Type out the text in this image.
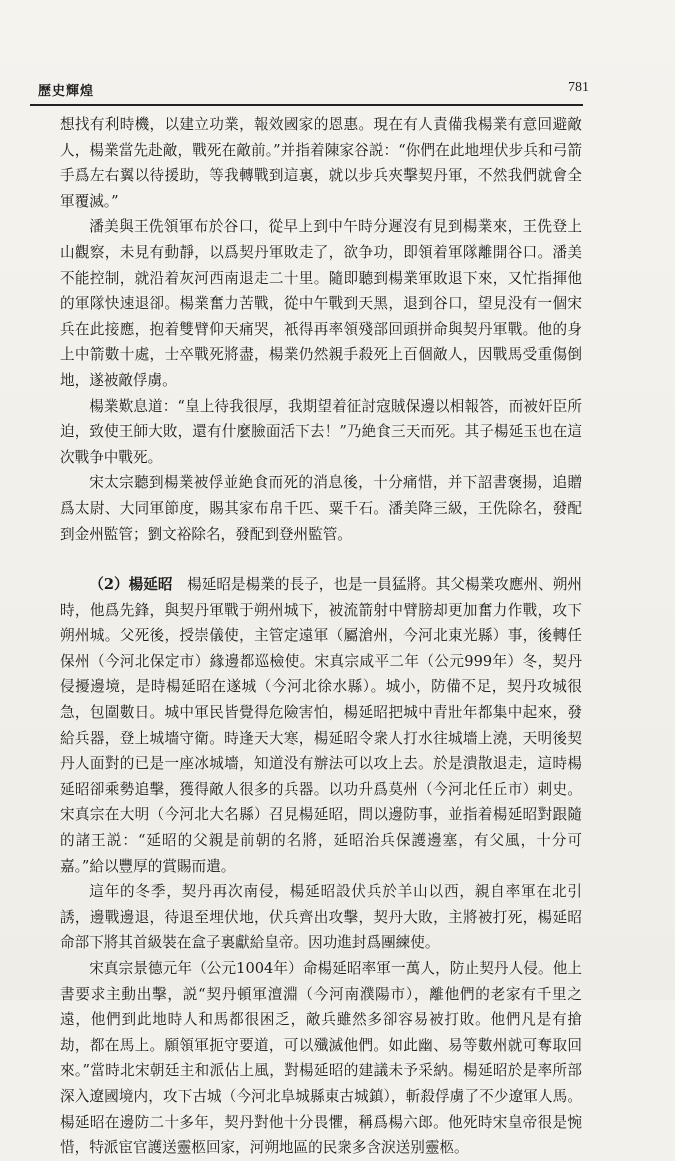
歷史輝煌	781

想找有利時機，以建立功業，報效國家的恩惠。現在有人責備我楊業有意回避敵人，楊業當先赴敵，戰死在敵前。”并指着陳家谷説：“你們在此地埋伏步兵和弓箭手爲左右翼以待援助，等我轉戰到這裏，就以步兵夾擊契丹軍，不然我們就會全軍覆滅。”

潘美與王侁領軍布於谷口，從早上到中午時分遲沒有見到楊業來，王侁登上山觀察，未見有動靜，以爲契丹軍敗走了，欲争功，即領着軍隊離開谷口。潘美不能控制，就沿着灰河西南退走二十里。隨即聽到楊業軍敗退下來，又忙指揮他的軍隊快速退卻。楊業奮力苦戰，從中午戰到天黑，退到谷口，望見没有一個宋兵在此接應，抱着雙臂仰天痛哭，衹得再率領殘部回頭拼命與契丹軍戰。他的身上中箭數十處，士卒戰死將盡，楊業仍然親手殺死上百個敵人，因戰馬受重傷倒地，遂被敵俘虜。

楊業歎息道：“皇上待我很厚，我期望着征討寇賊保邊以相報答，而被奸臣所迫，致使王師大敗，還有什麼臉面活下去！”乃絶食三天而死。其子楊延玉也在這次戰争中戰死。

宋太宗聽到楊業被俘並絶食而死的消息後，十分痛惜，并下詔書褒揚，追贈爲太尉、大同軍節度，賜其家布帛千匹、粟千石。潘美降三級，王侁除名，發配到金州監管；劉文裕除名，發配到登州監管。

（2）楊延昭　 楊延昭是楊業的長子，也是一員猛將。其父楊業攻應州、朔州時，他爲先鋒，與契丹軍戰于朔州城下，被流箭射中臂膀却更加奮力作戰，攻下朔州城。父死後，授崇儀使，主管定遠軍（屬滄州，今河北東光縣）事，後轉任保州（今河北保定市）緣邊都巡檢使。宋真宗咸平二年（公元999年）冬，契丹侵擾邊境，是時楊延昭在遂城（今河北徐水縣）。城小，防備不足，契丹攻城很急，包圍數日。城中軍民皆覺得危險害怕，楊延昭把城中青壯年都集中起來，發給兵器，登上城墻守衛。時逢天大寒，楊延昭令衆人打水往城墻上澆，天明後契丹人面對的已是一座冰城墻，知道没有辦法可以攻上去。於是潰散退走，這時楊延昭卻乘勢追擊，獲得敵人很多的兵器。以功升爲莫州（今河北任丘市）刺史。宋真宗在大明（今河北大名縣）召見楊延昭，問以邊防事，並指着楊延昭對跟隨的諸王説：“延昭的父親是前朝的名將，延昭治兵保護邊塞，有父風，十分可嘉。”給以豐厚的賞賜而遣。

這年的冬季，契丹再次南侵，楊延昭設伏兵於羊山以西，親自率軍在北引誘，邊戰邊退，待退至埋伏地，伏兵齊出攻擊，契丹大敗，主將被打死，楊延昭命部下將其首級裝在盒子裏獻給皇帝。因功進封爲團練使。

宋真宗景德元年（公元1004年）命楊延昭率軍一萬人，防止契丹人侵。他上書要求主動出擊，説“契丹頓軍澶淵（今河南濮陽市），離他們的老家有千里之遠，他們到此地時人和馬都很困乏，敵兵雖然多卻容易被打敗。他們凡是有搶劫，都在馬上。願領軍扼守要道，可以殲滅他們。如此幽、易等數州就可奪取回來。”當時北宋朝廷主和派佔上風，對楊延昭的建議未予采納。楊延昭於是率所部深入遼國境内，攻下古城（今河北阜城縣東古城鎮），斬殺俘虜了不少遼軍人馬。楊延昭在邊防二十多年，契丹對他十分畏懼，稱爲楊六郎。他死時宋皇帝很是惋惜，特派宦官護送靈柩回家，河朔地區的民衆多含淚送别靈柩。
